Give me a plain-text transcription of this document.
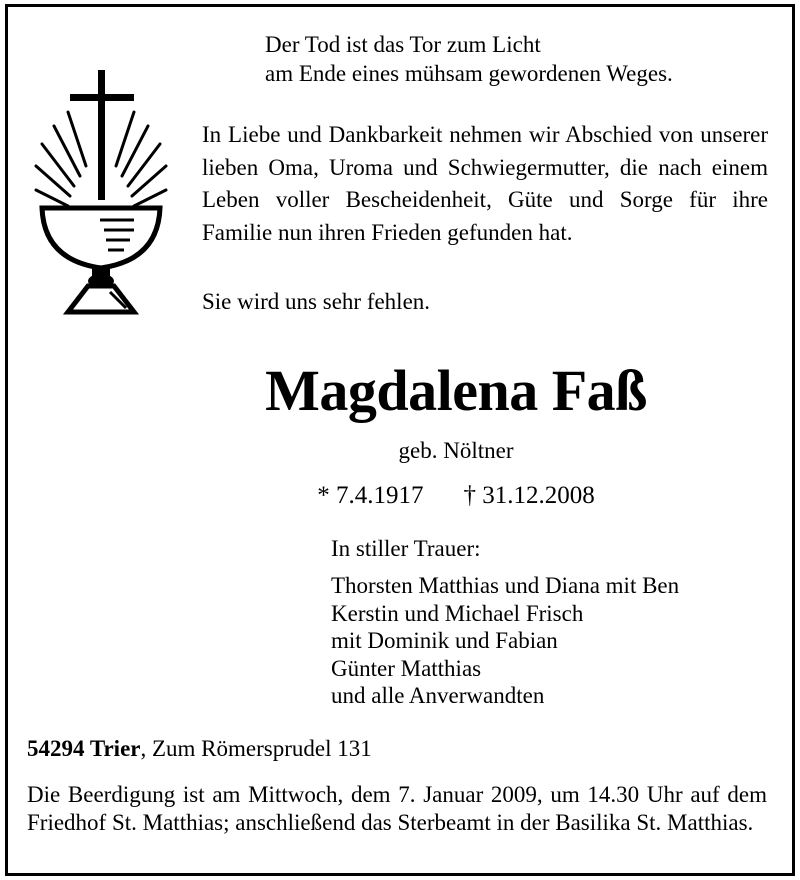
Der Tod ist das Tor zum Licht
am Ende eines mühsam gewordenen Weges.
In Liebe und Dankbarkeit nehmen wir Abschied von unserer lieben Oma, Uroma und Schwiegermutter, die nach einem Leben voller Bescheidenheit, Güte und Sorge für ihre Familie nun ihren Frieden gefunden hat.
Sie wird uns sehr fehlen.
Magdalena Faß
geb. Nöltner
* 7.4.1917 † 31.12.2008
In stiller Trauer:
Thorsten Matthias und Diana mit Ben
Kerstin und Michael Frisch
mit Dominik und Fabian
Günter Matthias
und alle Anverwandten
54294 Trier, Zum Römersprudel 131
Die Beerdigung ist am Mittwoch, dem 7. Januar 2009, um 14.30 Uhr auf dem Friedhof St. Matthias; anschließend das Sterbeamt in der Basilika St. Matthias.
